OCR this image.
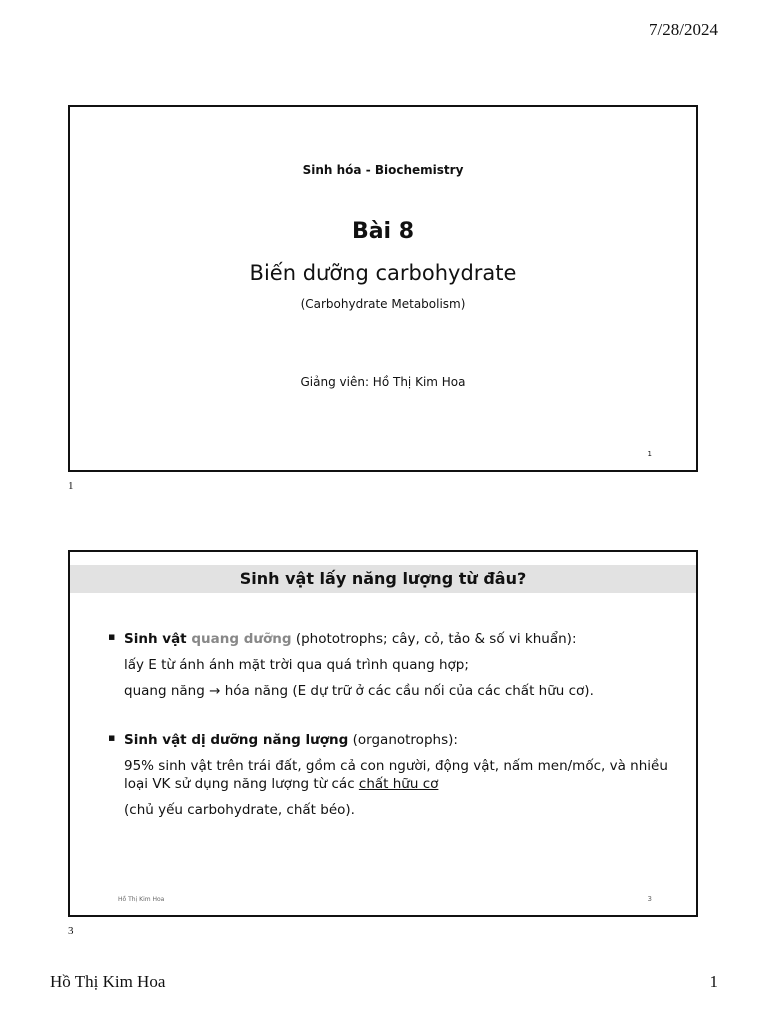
7/28/2024
Sinh hóa - Biochemistry
Bài 8
Biến dưỡng carbohydrate
(Carbohydrate Metabolism)
Giảng viên: Hồ Thị Kim Hoa
1
1
Sinh vật lấy năng lượng từ đâu?
▪ Sinh vật quang dưỡng (phototrophs; cây, cỏ, tảo & số vi khuẩn):
lấy E từ ánh ánh mặt trời qua quá trình quang hợp;
quang năng → hóa năng (E dự trữ ở các cầu nối của các chất hữu cơ).
▪ Sinh vật dị dưỡng năng lượng (organotrophs):
95% sinh vật trên trái đất, gồm cả con người, động vật, nấm men/mốc, và nhiều loại VK sử dụng năng lượng từ các chất hữu cơ
(chủ yếu carbohydrate, chất béo).
Hồ Thị Kim Hoa	3
3
Hồ Thị Kim Hoa	1
